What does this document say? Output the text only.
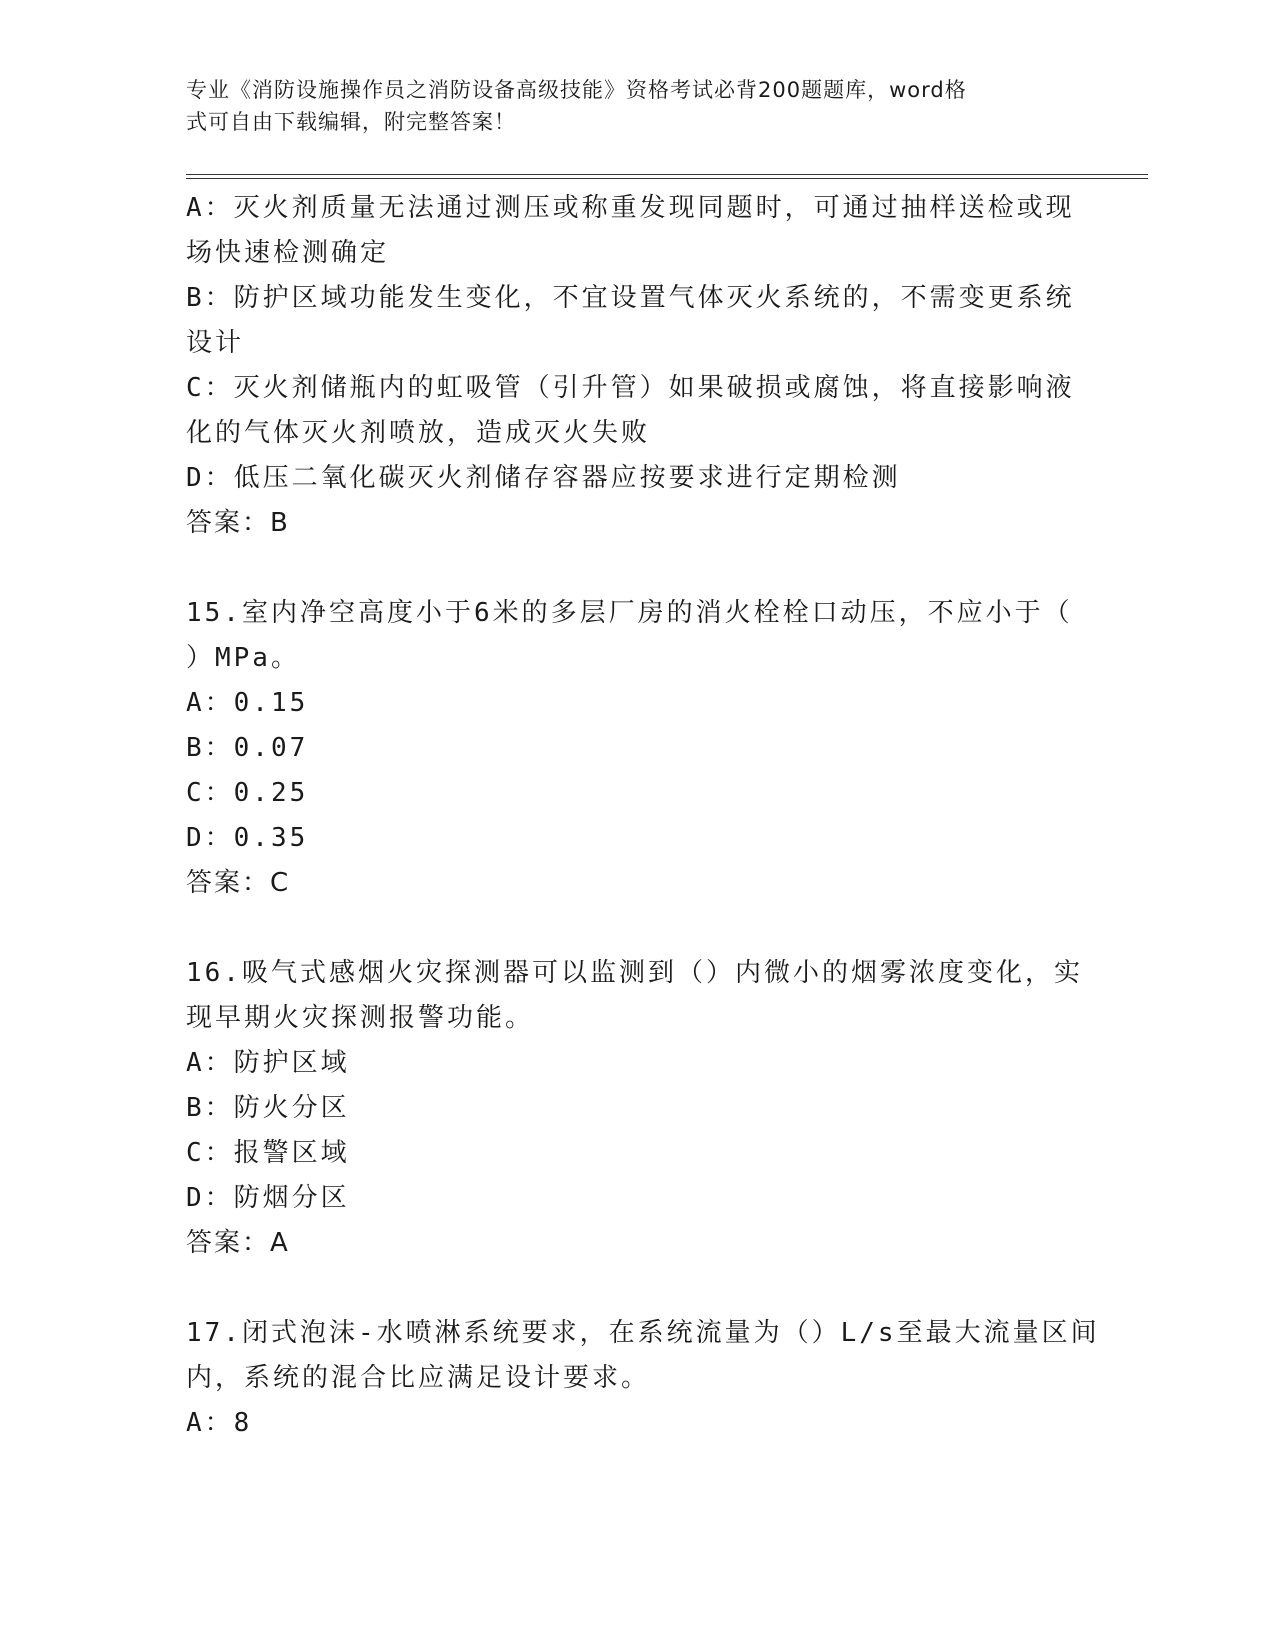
专业《消防设施操作员之消防设备高级技能》资格考试必背200题题库，word格
式可自由下载编辑，附完整答案！
A：灭火剂质量无法通过测压或称重发现同题时，可通过抽样送检或现
场快速检测确定
B：防护区域功能发生变化，不宜设置气体灭火系统的，不需变更系统
设计
C：灭火剂储瓶内的虹吸管（引升管）如果破损或腐蚀，将直接影响液
化的气体灭火剂喷放，造成灭火失败
D：低压二氧化碳灭火剂储存容器应按要求进行定期检测
答案：B
15.室内净空高度小于6米的多层厂房的消火栓栓口动压，不应小于（
）MPa。
A：0.15
B：0.07
C：0.25
D：0.35
答案：C
16.吸气式感烟火灾探测器可以监测到（）内微小的烟雾浓度变化，实
现早期火灾探测报警功能。
A：防护区域
B：防火分区
C：报警区域
D：防烟分区
答案：A
17.闭式泡沫-水喷淋系统要求，在系统流量为（）L/s至最大流量区间
内，系统的混合比应满足设计要求。
A：8
